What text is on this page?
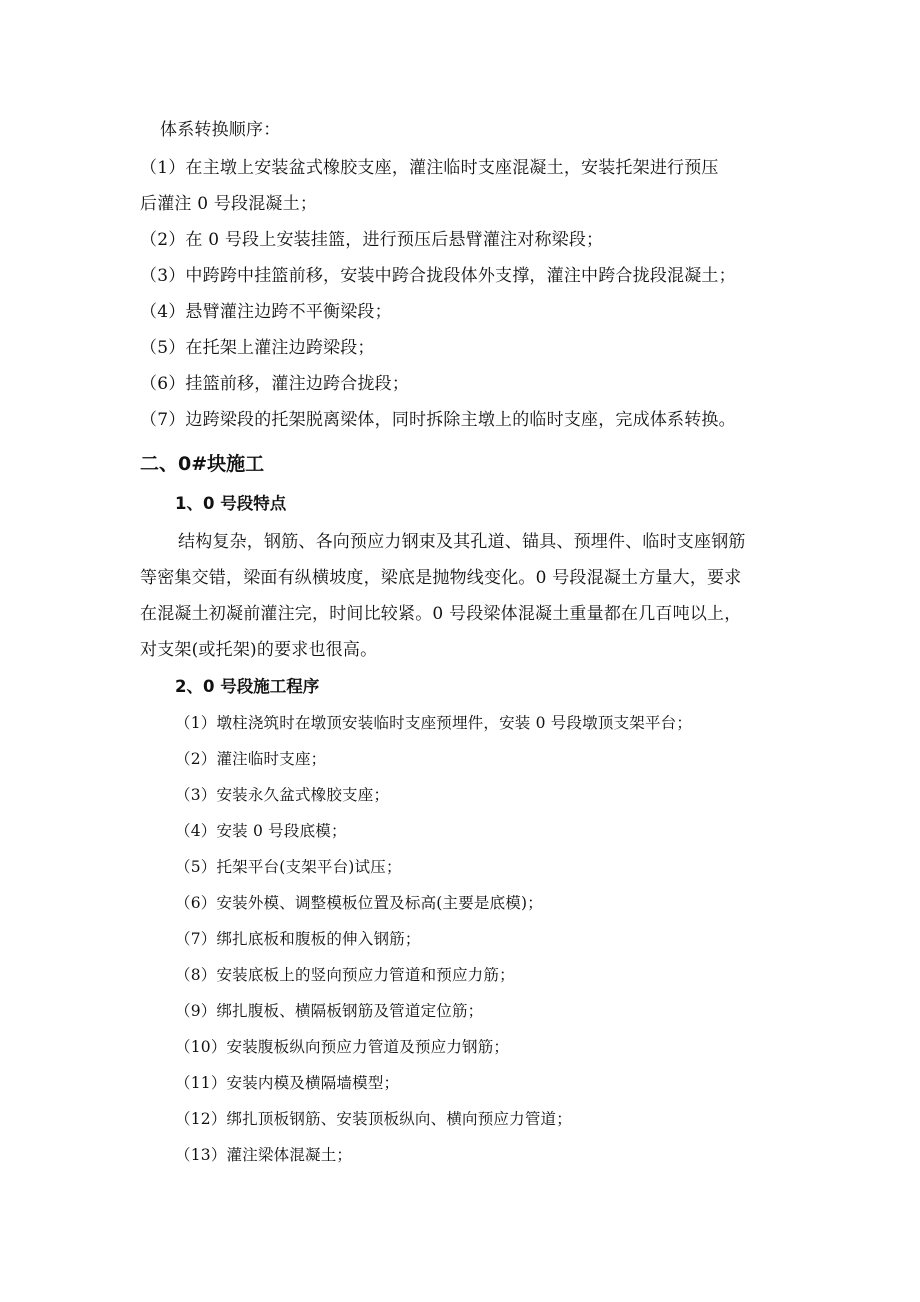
体系转换顺序：
（1）在主墩上安装盆式橡胶支座，灌注临时支座混凝土，安装托架进行预压
后灌注 0 号段混凝土；
（2）在 0 号段上安装挂篮，进行预压后悬臂灌注对称梁段；
（3）中跨跨中挂篮前移，安装中跨合拢段体外支撑，灌注中跨合拢段混凝土；
（4）悬臂灌注边跨不平衡梁段；
（5）在托架上灌注边跨梁段；
（6）挂篮前移，灌注边跨合拢段；
（7）边跨梁段的托架脱离梁体，同时拆除主墩上的临时支座，完成体系转换。
二、0#块施工
1、0 号段特点
结构复杂，钢筋、各向预应力钢束及其孔道、锚具、预埋件、临时支座钢筋
等密集交错，梁面有纵横坡度，梁底是抛物线变化。0 号段混凝土方量大，要求
在混凝土初凝前灌注完，时间比较紧。0 号段梁体混凝土重量都在几百吨以上，
对支架(或托架)的要求也很高。
2、0 号段施工程序
（1）墩柱浇筑时在墩顶安装临时支座预埋件，安装 0 号段墩顶支架平台；
（2）灌注临时支座；
（3）安装永久盆式橡胶支座；
（4）安装 0 号段底模；
（5）托架平台(支架平台)试压；
（6）安装外模、调整模板位置及标高(主要是底模)；
（7）绑扎底板和腹板的伸入钢筋；
（8）安装底板上的竖向预应力管道和预应力筋；
（9）绑扎腹板、横隔板钢筋及管道定位筋；
（10）安装腹板纵向预应力管道及预应力钢筋；
（11）安装内模及横隔墙模型；
（12）绑扎顶板钢筋、安装顶板纵向、横向预应力管道；
（13）灌注梁体混凝土；
